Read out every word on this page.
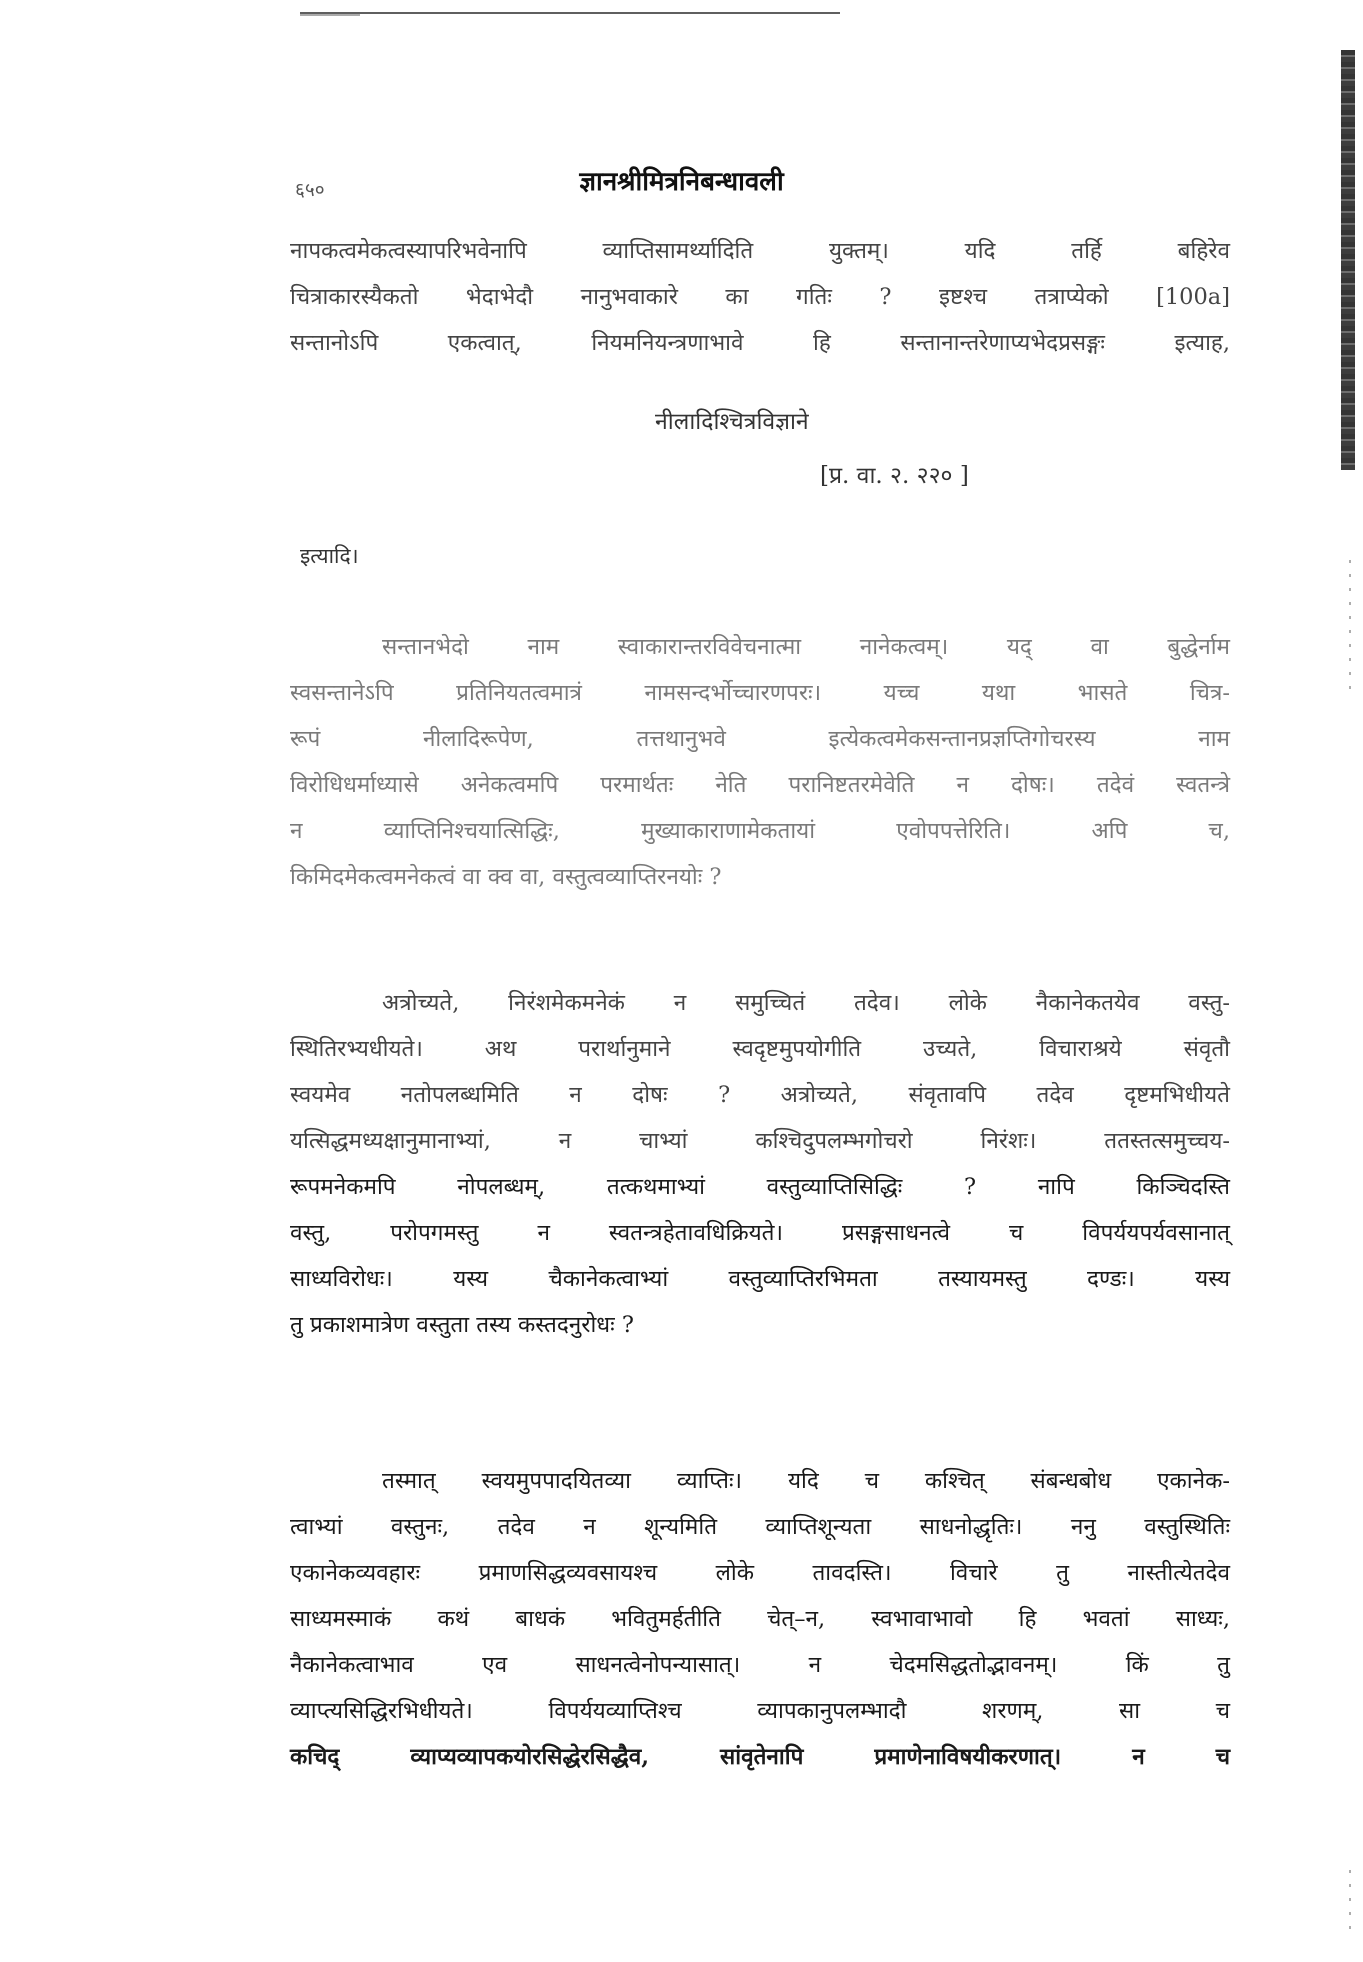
६५०	ज्ञानश्रीमित्रनिबन्धावली
नापकत्वमेकत्वस्यापरिभवेनापि व्याप्तिसामर्थ्यादिति युक्तम्। यदि तर्हि बहिरेव
चित्राकारस्यैकतो भेदाभेदौ नानुभवाकारे का गतिः ? इष्टश्च तत्राप्येको [100a]
सन्तानोऽपि एकत्वात्, नियमनियन्त्रणाभावे हि सन्तानान्तरेणाप्यभेदप्रसङ्गः इत्याह,
नीलादिश्चित्रविज्ञाने
[प्र. वा. २. २२० ]
इत्यादि।
सन्तानभेदो नाम स्वाकारान्तरविवेचनात्मा नानेकत्वम्। यद् वा बुद्धेर्नाम
स्वसन्तानेऽपि प्रतिनियतत्वमात्रं नामसन्दर्भोच्चारणपरः। यच्च यथा भासते चित्र-
रूपं नीलादिरूपेण, तत्तथानुभवे इत्येकत्वमेकसन्तानप्रज्ञप्तिगोचरस्य नाम
विरोधिधर्माध्यासे अनेकत्वमपि परमार्थतः नेति परानिष्टतरमेवेति न दोषः। तदेवं स्वतन्त्रे
न व्याप्तिनिश्चयात्सिद्धिः, मुख्याकाराणामेकतायां एवोपपत्तेरिति। अपि च,
किमिदमेकत्वमनेकत्वं वा क्व वा, वस्तुत्वव्याप्तिरनयोः ?
अत्रोच्यते, निरंशमेकमनेकं न समुच्चितं तदेव। लोके नैकानेकतयेव वस्तु-
स्थितिरभ्यधीयते। अथ परार्थानुमाने स्वदृष्टमुपयोगीति उच्यते, विचाराश्रये संवृतौ
स्वयमेव नतोपलब्धमिति न दोषः ? अत्रोच्यते, संवृतावपि तदेव दृष्टमभिधीयते
यत्सिद्धमध्यक्षानुमानाभ्यां, न चाभ्यां कश्चिदुपलम्भगोचरो निरंशः। ततस्तत्समुच्चय-
रूपमनेकमपि नोपलब्धम्, तत्कथमाभ्यां वस्तुव्याप्तिसिद्धिः ? नापि किञ्चिदस्ति
वस्तु, परोपगमस्तु न स्वतन्त्रहेतावधिक्रियते। प्रसङ्गसाधनत्वे च विपर्ययपर्यवसानात्
साध्यविरोधः। यस्य चैकानेकत्वाभ्यां वस्तुव्याप्तिरभिमता तस्यायमस्तु दण्डः। यस्य
तु प्रकाशमात्रेण वस्तुता तस्य कस्तदनुरोधः ?
तस्मात् स्वयमुपपादयितव्या व्याप्तिः। यदि च कश्चित् संबन्धबोध एकानेक-
त्वाभ्यां वस्तुनः, तदेव न शून्यमिति व्याप्तिशून्यता साधनोद्धृतिः। ननु वस्तुस्थितिः
एकानेकव्यवहारः प्रमाणसिद्धव्यवसायश्च लोके तावदस्ति। विचारे तु नास्तीत्येतदेव
साध्यमस्माकं कथं बाधकं भवितुमर्हतीति चेत्–न, स्वभावाभावो हि भवतां साध्यः,
नैकानेकत्वाभाव एव साधनत्वेनोपन्यासात्। न चेदमसिद्धतोद्भावनम्। किं तु
व्याप्त्यसिद्धिरभिधीयते। विपर्ययव्याप्तिश्च व्यापकानुपलम्भादौ शरणम्, सा च
कचिद् व्याप्यव्यापकयोरसिद्धेरसिद्धैव, सांवृतेनापि प्रमाणेनाविषयीकरणात्। न च
